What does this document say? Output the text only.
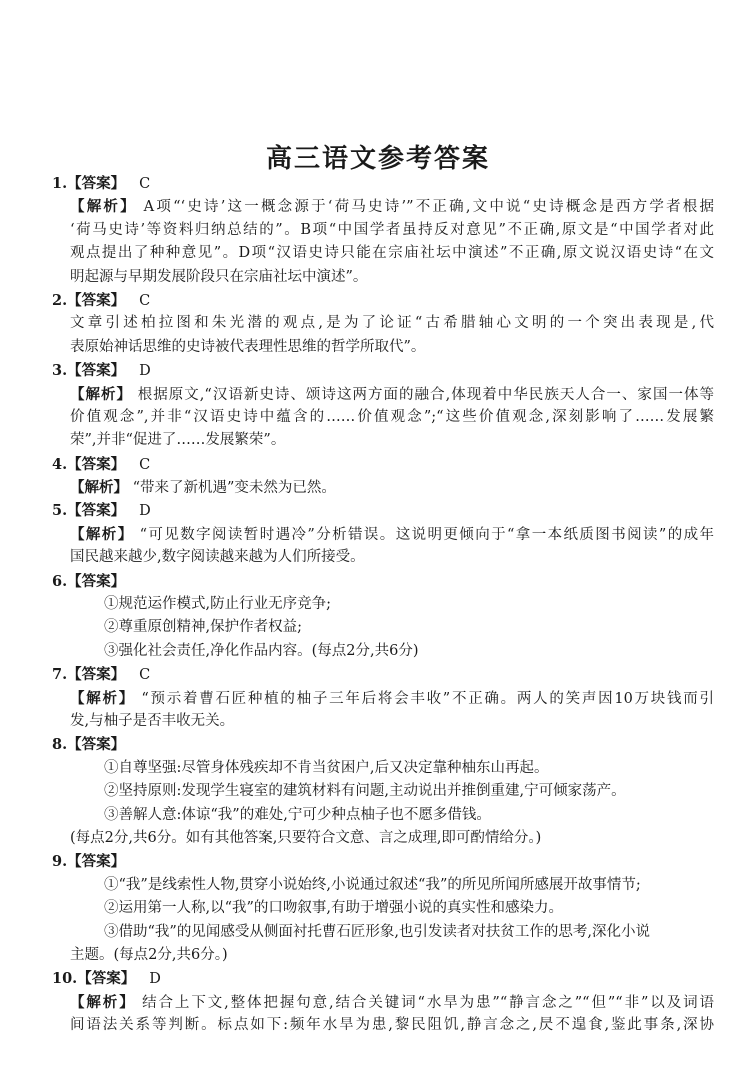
高三语文参考答案
1.【答案】 C
【解析】 A项“‘史诗’这一概念源于‘荷马史诗’”不正确,文中说“史诗概念是西方学者根据
‘荷马史诗’等资料归纳总结的”。B项“中国学者虽持反对意见”不正确,原文是“中国学者对此
观点提出了种种意见”。D项“汉语史诗只能在宗庙社坛中演述”不正确,原文说汉语史诗“在文
明起源与早期发展阶段只在宗庙社坛中演述”。
2.【答案】 C
文章引述柏拉图和朱光潜的观点,是为了论证“古希腊轴心文明的一个突出表现是,代
表原始神话思维的史诗被代表理性思维的哲学所取代”。
3.【答案】 D
【解析】 根据原文,“汉语新史诗、颂诗这两方面的融合,体现着中华民族天人合一、家国一体等
价值观念”,并非“汉语史诗中蕴含的……价值观念”;“这些价值观念,深刻影响了……发展繁
荣”,并非“促进了……发展繁荣”。
4.【答案】 C
【解析】 “带来了新机遇”变未然为已然。
5.【答案】 D
【解析】 “可见数字阅读暂时遇冷”分析错误。这说明更倾向于“拿一本纸质图书阅读”的成年
国民越来越少,数字阅读越来越为人们所接受。
6.【答案】
①规范运作模式,防止行业无序竞争;
②尊重原创精神,保护作者权益;
③强化社会责任,净化作品内容。(每点2分,共6分)
7.【答案】 C
【解析】 “预示着曹石匠种植的柚子三年后将会丰收”不正确。两人的笑声因10万块钱而引
发,与柚子是否丰收无关。
8.【答案】
①自尊坚强:尽管身体残疾却不肯当贫困户,后又决定靠种柚东山再起。
②坚持原则:发现学生寝室的建筑材料有问题,主动说出并推倒重建,宁可倾家荡产。
③善解人意:体谅“我”的难处,宁可少种点柚子也不愿多借钱。
(每点2分,共6分。如有其他答案,只要符合文意、言之成理,即可酌情给分。)
9.【答案】
①“我”是线索性人物,贯穿小说始终,小说通过叙述“我”的所见所闻所感展开故事情节;
②运用第一人称,以“我”的口吻叙事,有助于增强小说的真实性和感染力。
③借助“我”的见闻感受从侧面衬托曹石匠形象,也引发读者对扶贫工作的思考,深化小说
主题。(每点2分,共6分。)
10.【答案】 D
【解析】 结合上下文,整体把握句意,结合关键词“水旱为患”“静言念之”“但”“非”以及词语
间语法关系等判断。标点如下:频年水旱为患,黎民阻饥,静言念之,昃不遑食,鉴此事条,深协
